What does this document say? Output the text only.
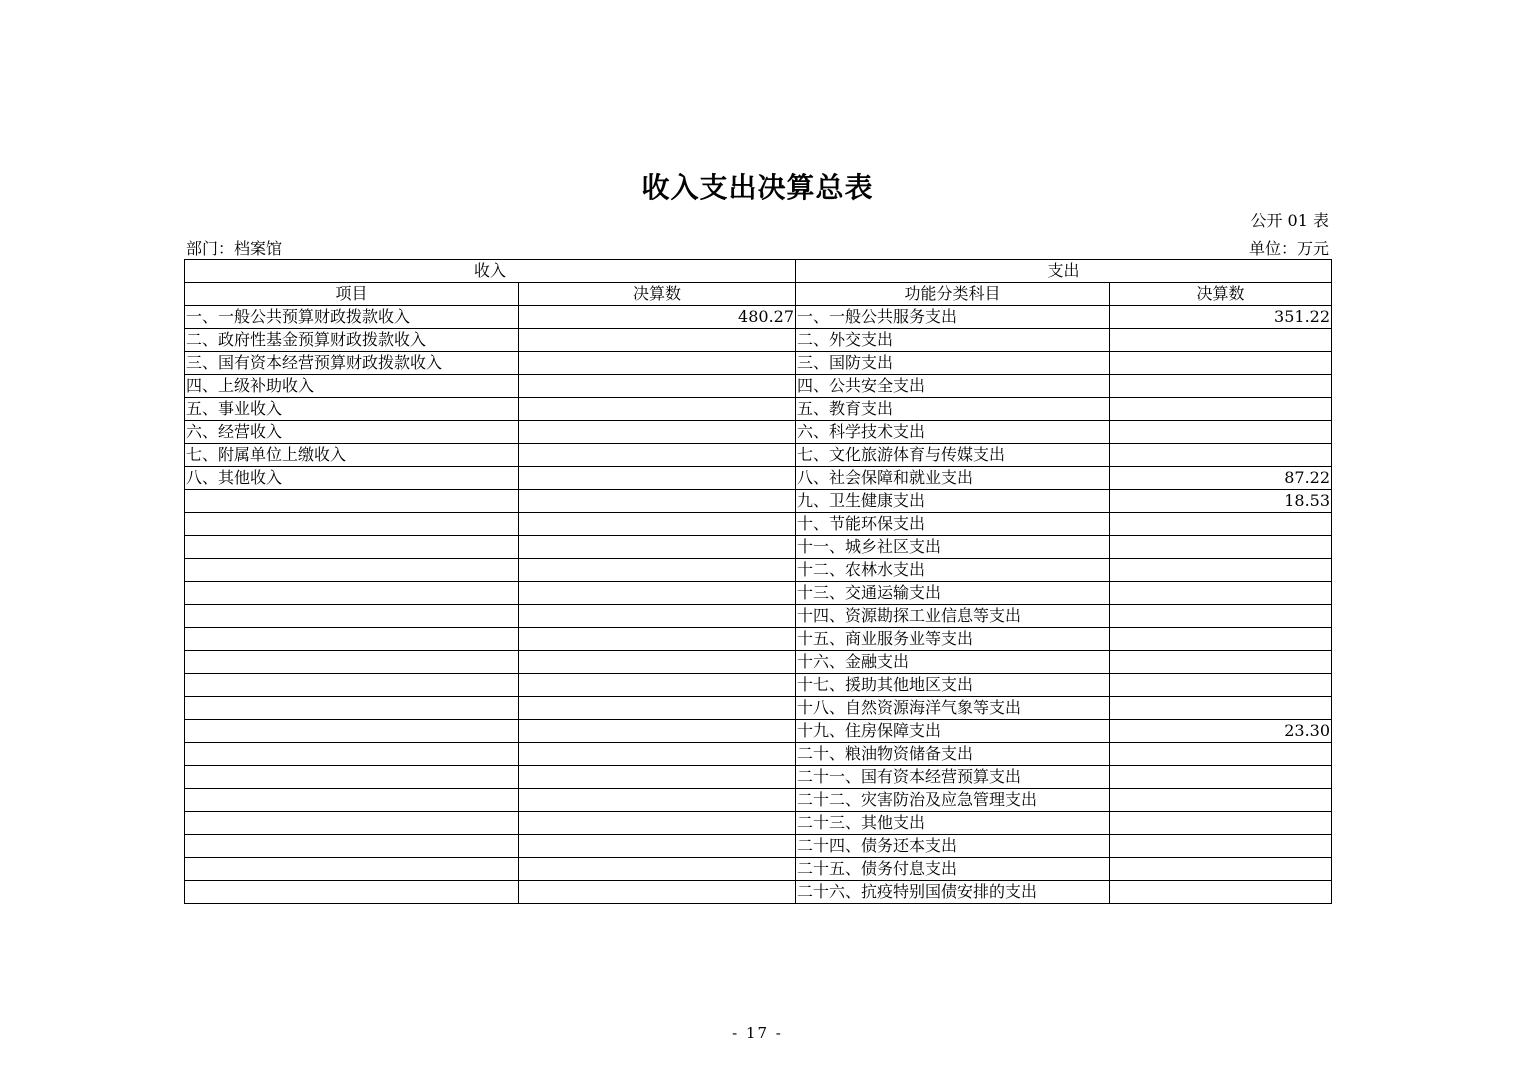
收入支出决算总表
公开 01 表
部门：档案馆	单位：万元
收入		支出	
项目	决算数	功能分类科目	决算数
一、一般公共预算财政拨款收入	480.27	一、一般公共服务支出	351.22
二、政府性基金预算财政拨款收入		二、外交支出	
三、国有资本经营预算财政拨款收入		三、国防支出	
四、上级补助收入		四、公共安全支出	
五、事业收入		五、教育支出	
六、经营收入		六、科学技术支出	
七、附属单位上缴收入		七、文化旅游体育与传媒支出	
八、其他收入		八、社会保障和就业支出	87.22
		九、卫生健康支出	18.53
		十、节能环保支出	
		十一、城乡社区支出	
		十二、农林水支出	
		十三、交通运输支出	
		十四、资源勘探工业信息等支出	
		十五、商业服务业等支出	
		十六、金融支出	
		十七、援助其他地区支出	
		十八、自然资源海洋气象等支出	
		十九、住房保障支出	23.30
		二十、粮油物资储备支出	
		二十一、国有资本经营预算支出	
		二十二、灾害防治及应急管理支出	
		二十三、其他支出	
		二十四、债务还本支出	
		二十五、债务付息支出	
		二十六、抗疫特别国债安排的支出	
- 17 -
